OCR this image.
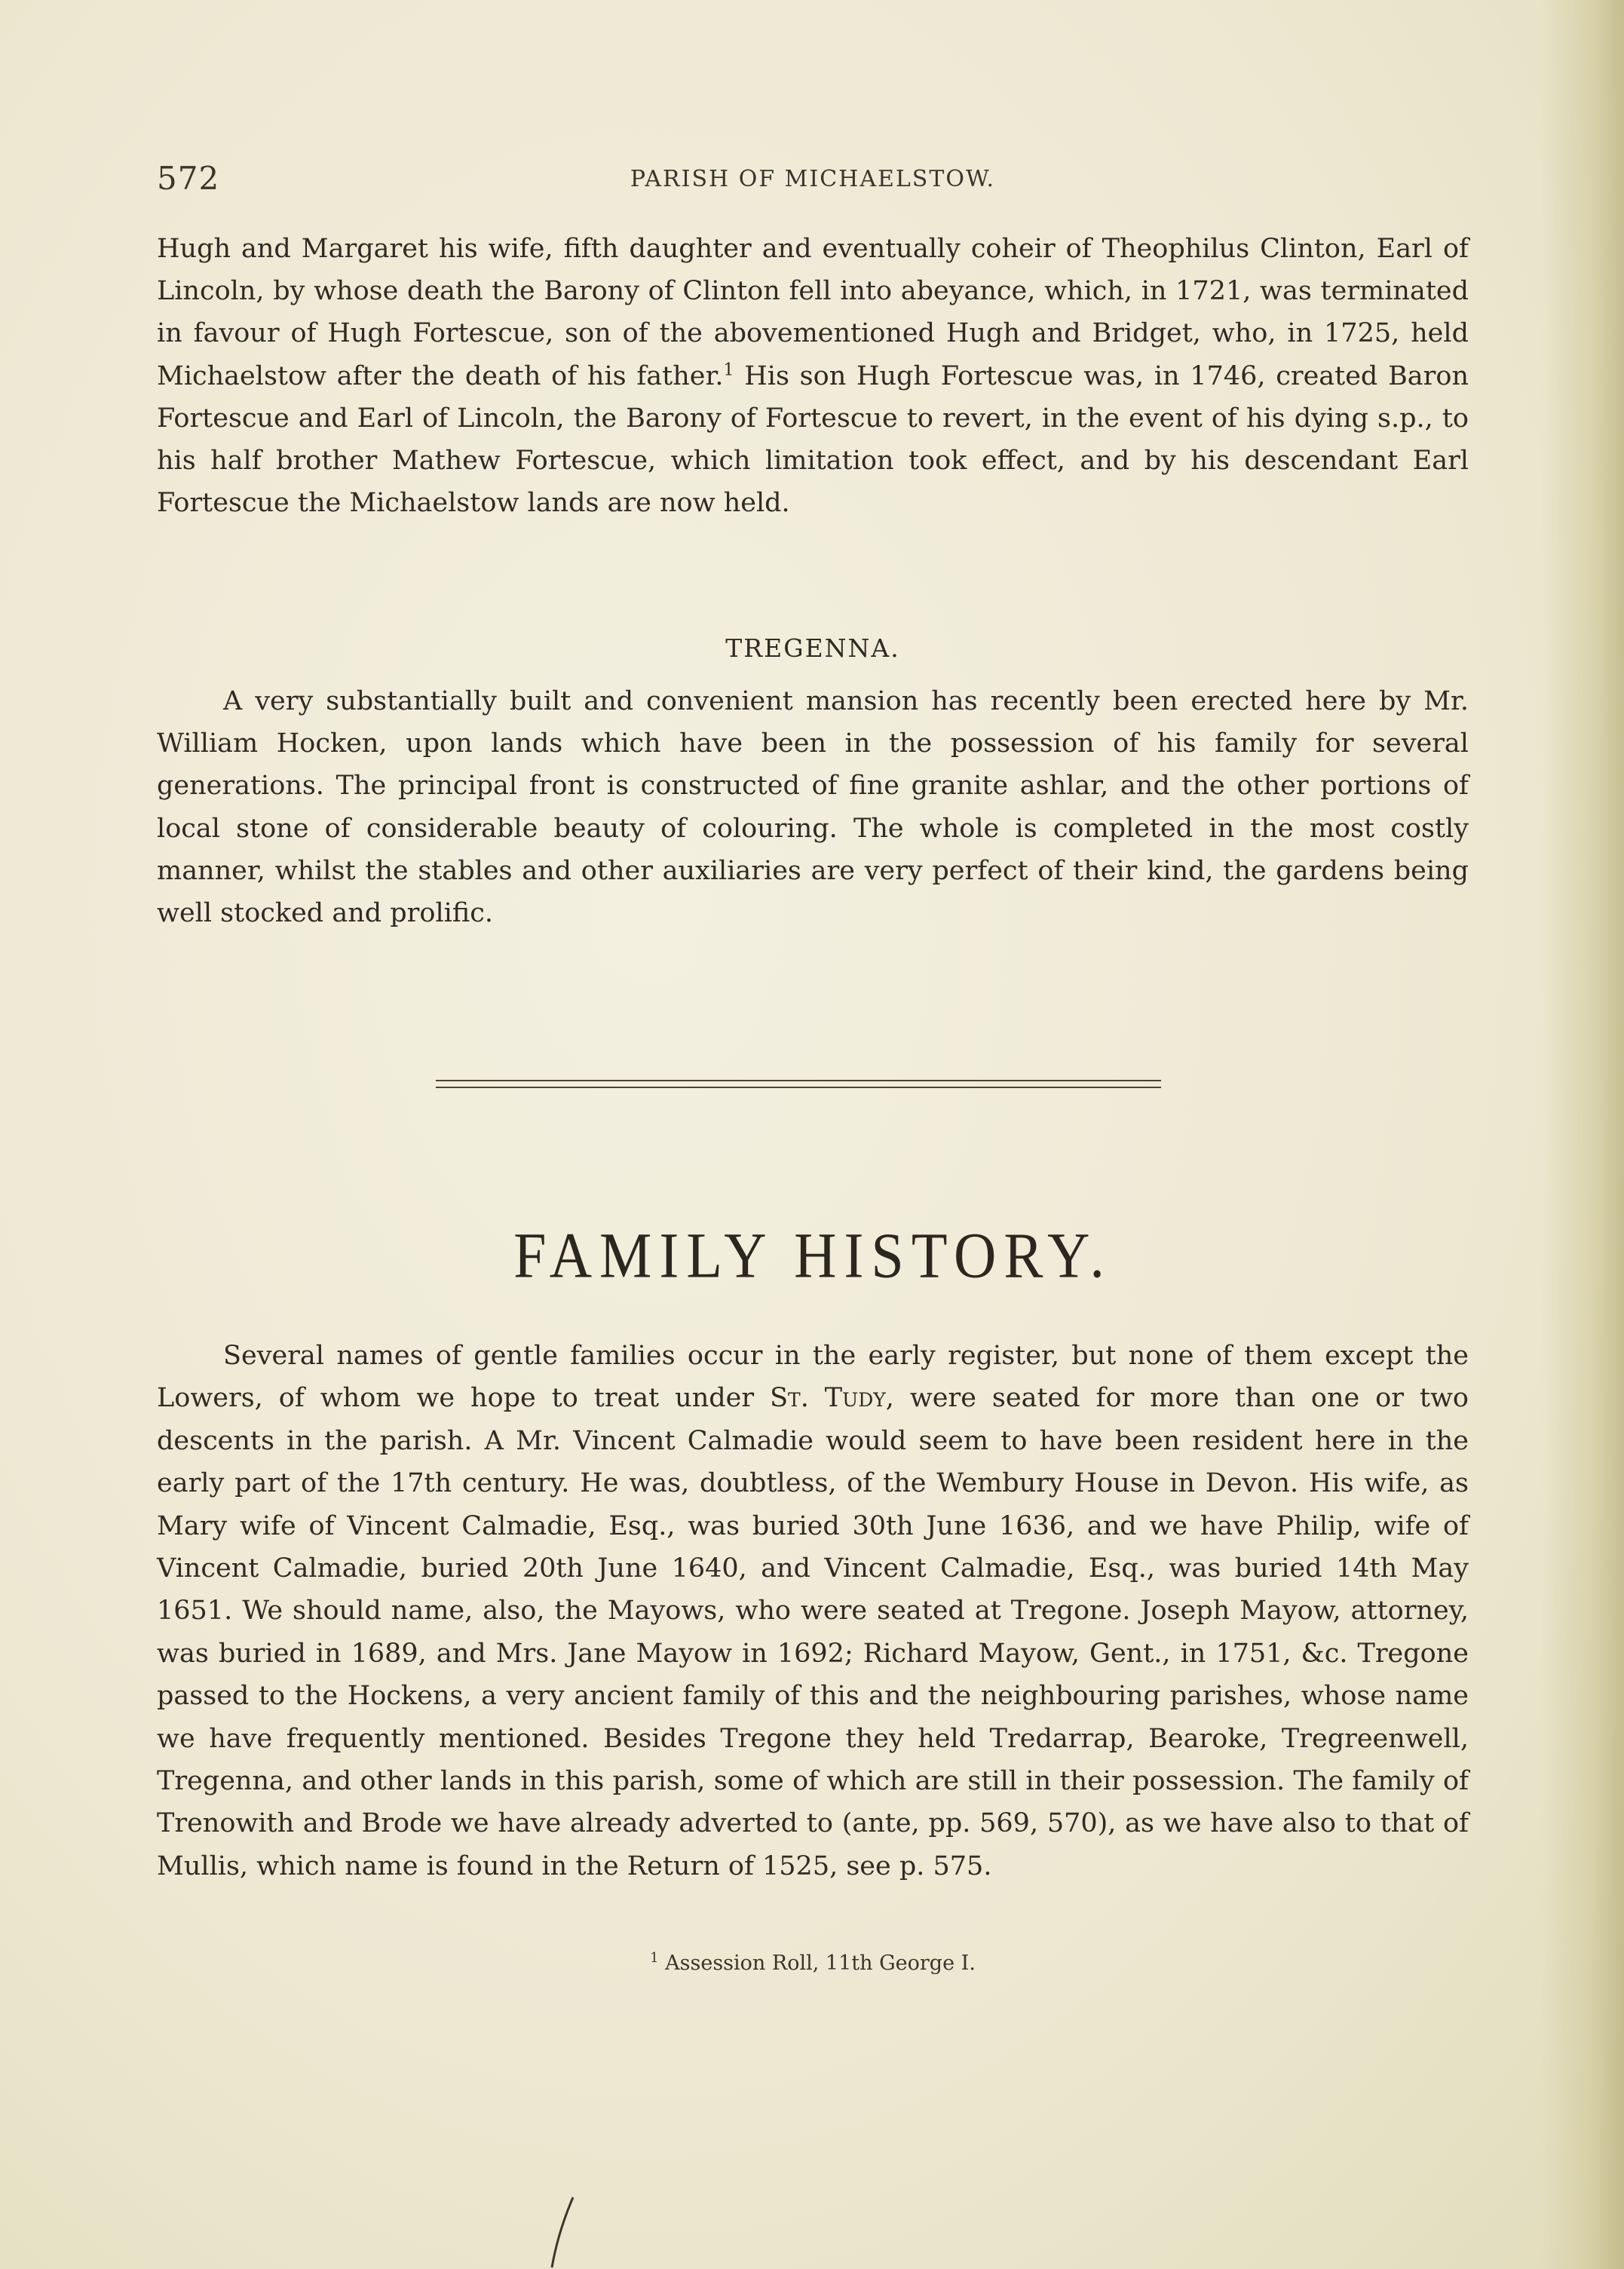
572	PARISH OF MICHAELSTOW.
Hugh and Margaret his wife, fifth daughter and eventually coheir of Theophilus Clinton, Earl of Lincoln, by whose death the Barony of Clinton fell into abeyance, which, in 1721, was terminated in favour of Hugh Fortescue, son of the abovementioned Hugh and Bridget, who, in 1725, held Michaelstow after the death of his father.$^1$ His son Hugh Fortescue was, in 1746, created Baron Fortescue and Earl of Lincoln, the Barony of Fortescue to revert, in the event of his dying s.p., to his half brother Mathew Fortescue, which limitation took effect, and by his descendant Earl Fortescue the Michaelstow lands are now held.
TREGENNA.
A very substantially built and convenient mansion has recently been erected here by Mr. William Hocken, upon lands which have been in the possession of his family for several generations. The principal front is constructed of fine granite ashlar, and the other portions of local stone of considerable beauty of colouring. The whole is completed in the most costly manner, whilst the stables and other auxiliaries are very perfect of their kind, the gardens being well stocked and prolific.
FAMILY HISTORY.
Several names of gentle families occur in the early register, but none of them except the Lowers, of whom we hope to treat under St. Tudy, were seated for more than one or two descents in the parish. A Mr. Vincent Calmadie would seem to have been resident here in the early part of the 17th century. He was, doubtless, of the Wembury House in Devon. His wife, as Mary wife of Vincent Calmadie, Esq., was buried 30th June 1636, and we have Philip, wife of Vincent Calmadie, buried 20th June 1640, and Vincent Calmadie, Esq., was buried 14th May 1651. We should name, also, the Mayows, who were seated at Tregone. Joseph Mayow, attorney, was buried in 1689, and Mrs. Jane Mayow in 1692; Richard Mayow, Gent., in 1751, &c. Tregone passed to the Hockens, a very ancient family of this and the neighbouring parishes, whose name we have frequently mentioned. Besides Tregone they held Tredarrap, Bearoke, Tregreenwell, Tregenna, and other lands in this parish, some of which are still in their possession. The family of Trenowith and Brode we have already adverted to (ante, pp. 569, 570), as we have also to that of Mullis, which name is found in the Return of 1525, see p. 575.
$^1$ Assession Roll, 11th George I.
